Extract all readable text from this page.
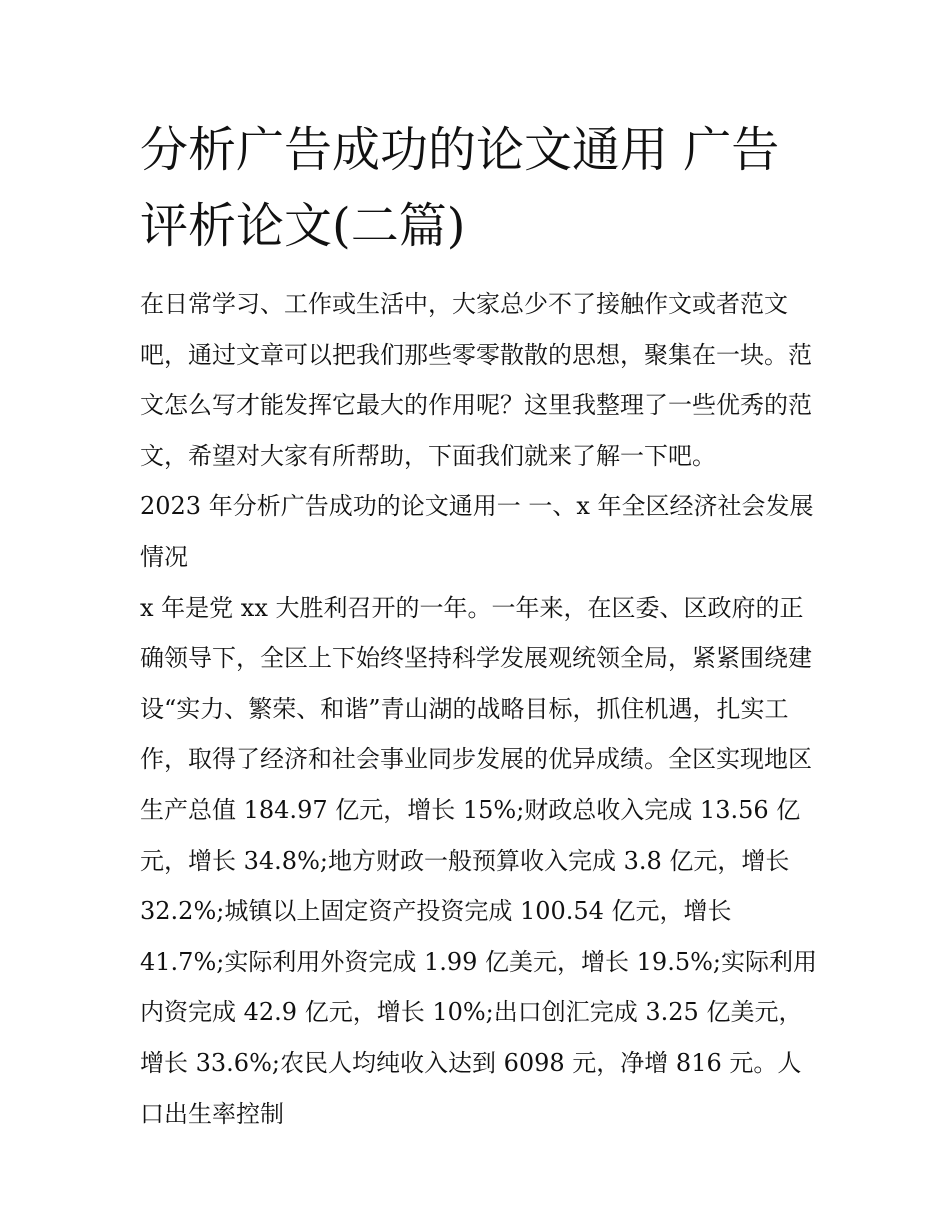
分析广告成功的论文通用 广告评析论文(二篇)

在日常学习、工作或生活中，大家总少不了接触作文或者范文吧，通过文章可以把我们那些零零散散的思想，聚集在一块。范文怎么写才能发挥它最大的作用呢？这里我整理了一些优秀的范文，希望对大家有所帮助，下面我们就来了解一下吧。

2023 年分析广告成功的论文通用一 一、x 年全区经济社会发展情况

x 年是党 xx 大胜利召开的一年。一年来，在区委、区政府的正确领导下，全区上下始终坚持科学发展观统领全局，紧紧围绕建设“实力、繁荣、和谐”青山湖的战略目标，抓住机遇，扎实工作，取得了经济和社会事业同步发展的优异成绩。全区实现地区生产总值 184.97 亿元，增长 15%;财政总收入完成 13.56 亿元，增长 34.8%;地方财政一般预算收入完成 3.8 亿元，增长 32.2%;城镇以上固定资产投资完成 100.54 亿元，增长 41.7%;实际利用外资完成 1.99 亿美元，增长 19.5%;实际利用内资完成 42.9 亿元，增长 10%;出口创汇完成 3.25 亿美元，增长 33.6%;农民人均纯收入达到 6098 元，净增 816 元。人口出生率控制
